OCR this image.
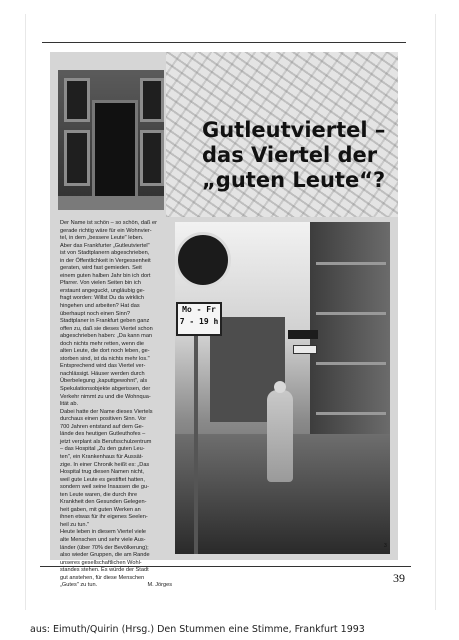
Gutleutviertel –
das Viertel der
„guten Leute“?

Der Name ist schön – so schön, daß er

gerade richtig wäre für ein Wohnvier-

tel, in dem „bessere Leute" leben.

Aber das Frankfurter „Gutleutviertel"

ist von Stadtplanern abgeschrieben,

in der Öffentlichkeit in Vergessenheit

geraten, wird fast gemieden. Seit

einem guten halben Jahr bin ich dort

Pfarrer. Von vielen Seiten bin ich

erstaunt angeguckt, ungläubig ge-

fragt worden: Willst Du da wirklich

hingehen und arbeiten? Hat das

überhaupt noch einen Sinn?

Stadtplaner in Frankfurt geben ganz

offen zu, daß sie dieses Viertel schon

abgeschrieben haben: „Da kann man

doch nichts mehr retten, wenn die

alten Leute, die dort noch leben, ge-

storben sind, ist da nichts mehr los."

Entsprechend wird das Viertel ver-

nachlässigt. Häuser werden durch

Überbelegung „kaputtgewohnt", als

Spekulationsobjekte abgerissen, der

Verkehr nimmt zu und die Wohnqua-

lität ab.

Dabei hatte der Name dieses Viertels

durchaus einen positiven Sinn. Vor

700 Jahren entstand auf dem Ge-

lände des heutigen Gutleuthofes –

jetzt verplant als Berufsschulzentrum

– das Hospital „Zu den guten Leu-

ten", ein Krankenhaus für Aussät-

zige. In einer Chronik heißt es: „Das

Hospital trug diesen Namen nicht,

weil gute Leute es gestiftet hatten,

sondern weil seine Insassen die gu-

ten Leute waren, die durch ihre

Krankheit den Gesunden Gelegen-

heit gaben, mit guten Werken an

ihnen etwas für ihr eigenes Seelen-

heil zu tun."

Heute leben in diesem Viertel viele

alte Menschen und sehr viele Aus-

länder (über 70% der Bevölkerung);

also wieder Gruppen, die am Rande

unseres gesellschaftlichen Wohl-

standes stehen. Es würde der Stadt

gut anstehen, für diese Menschen

„Gutes" zu tun.	M. Jörges

Mo - Fr
7 - 19 h
3
39
aus: Eimuth/Quirin (Hrsg.) Den Stummen eine Stimme, Frankfurt 1993
